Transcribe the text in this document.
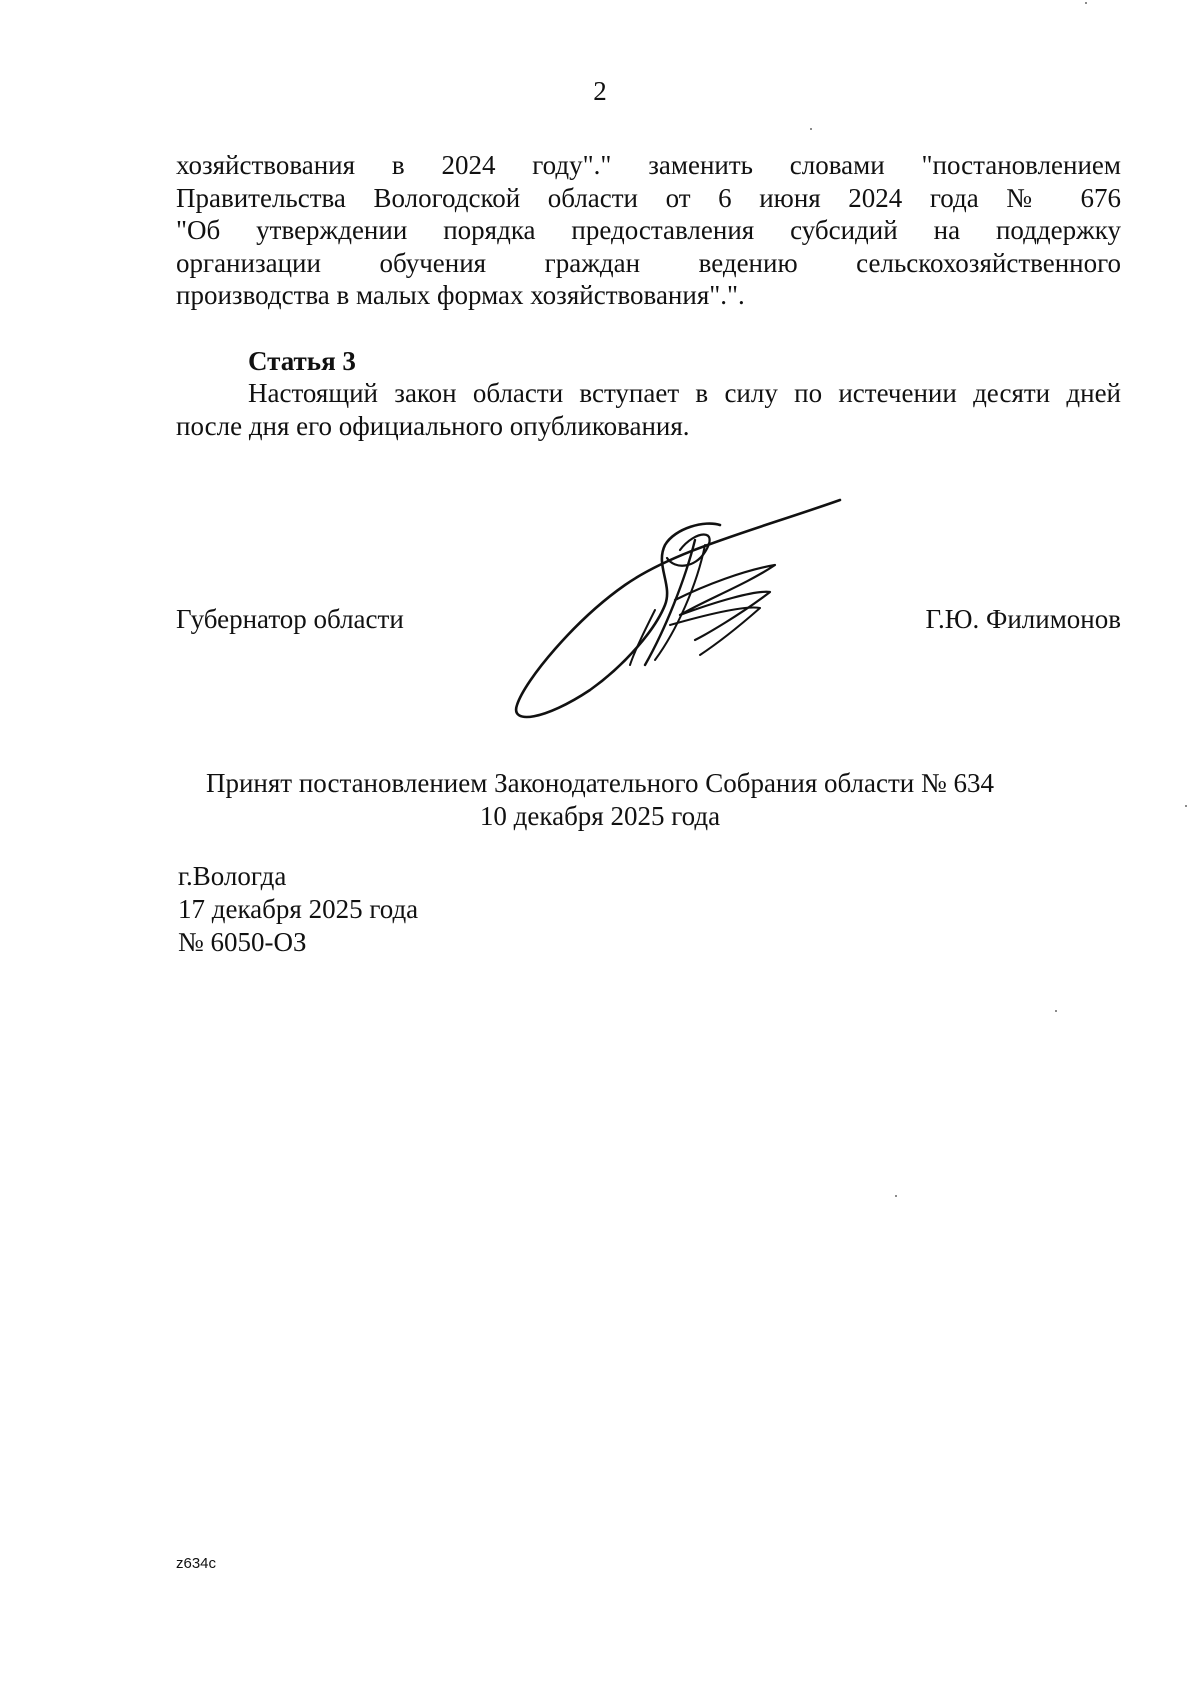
2
хозяйствования в 2024 году"." заменить словами "постановлением
Правительства Вологодской области от 6 июня 2024 года № 676
"Об утверждении порядка предоставления субсидий на поддержку
организации обучения граждан ведению сельскохозяйственного
производства в малых формах хозяйствования".".
Статья 3
Настоящий закон области вступает в силу по истечении десяти дней
после дня его официального опубликования.
Губернатор области	Г.Ю. Филимонов
Принят постановлением Законодательного Собрания области № 634
10 декабря 2025 года
г.Вологда
17 декабря 2025 года
№ 6050-ОЗ
z634c
